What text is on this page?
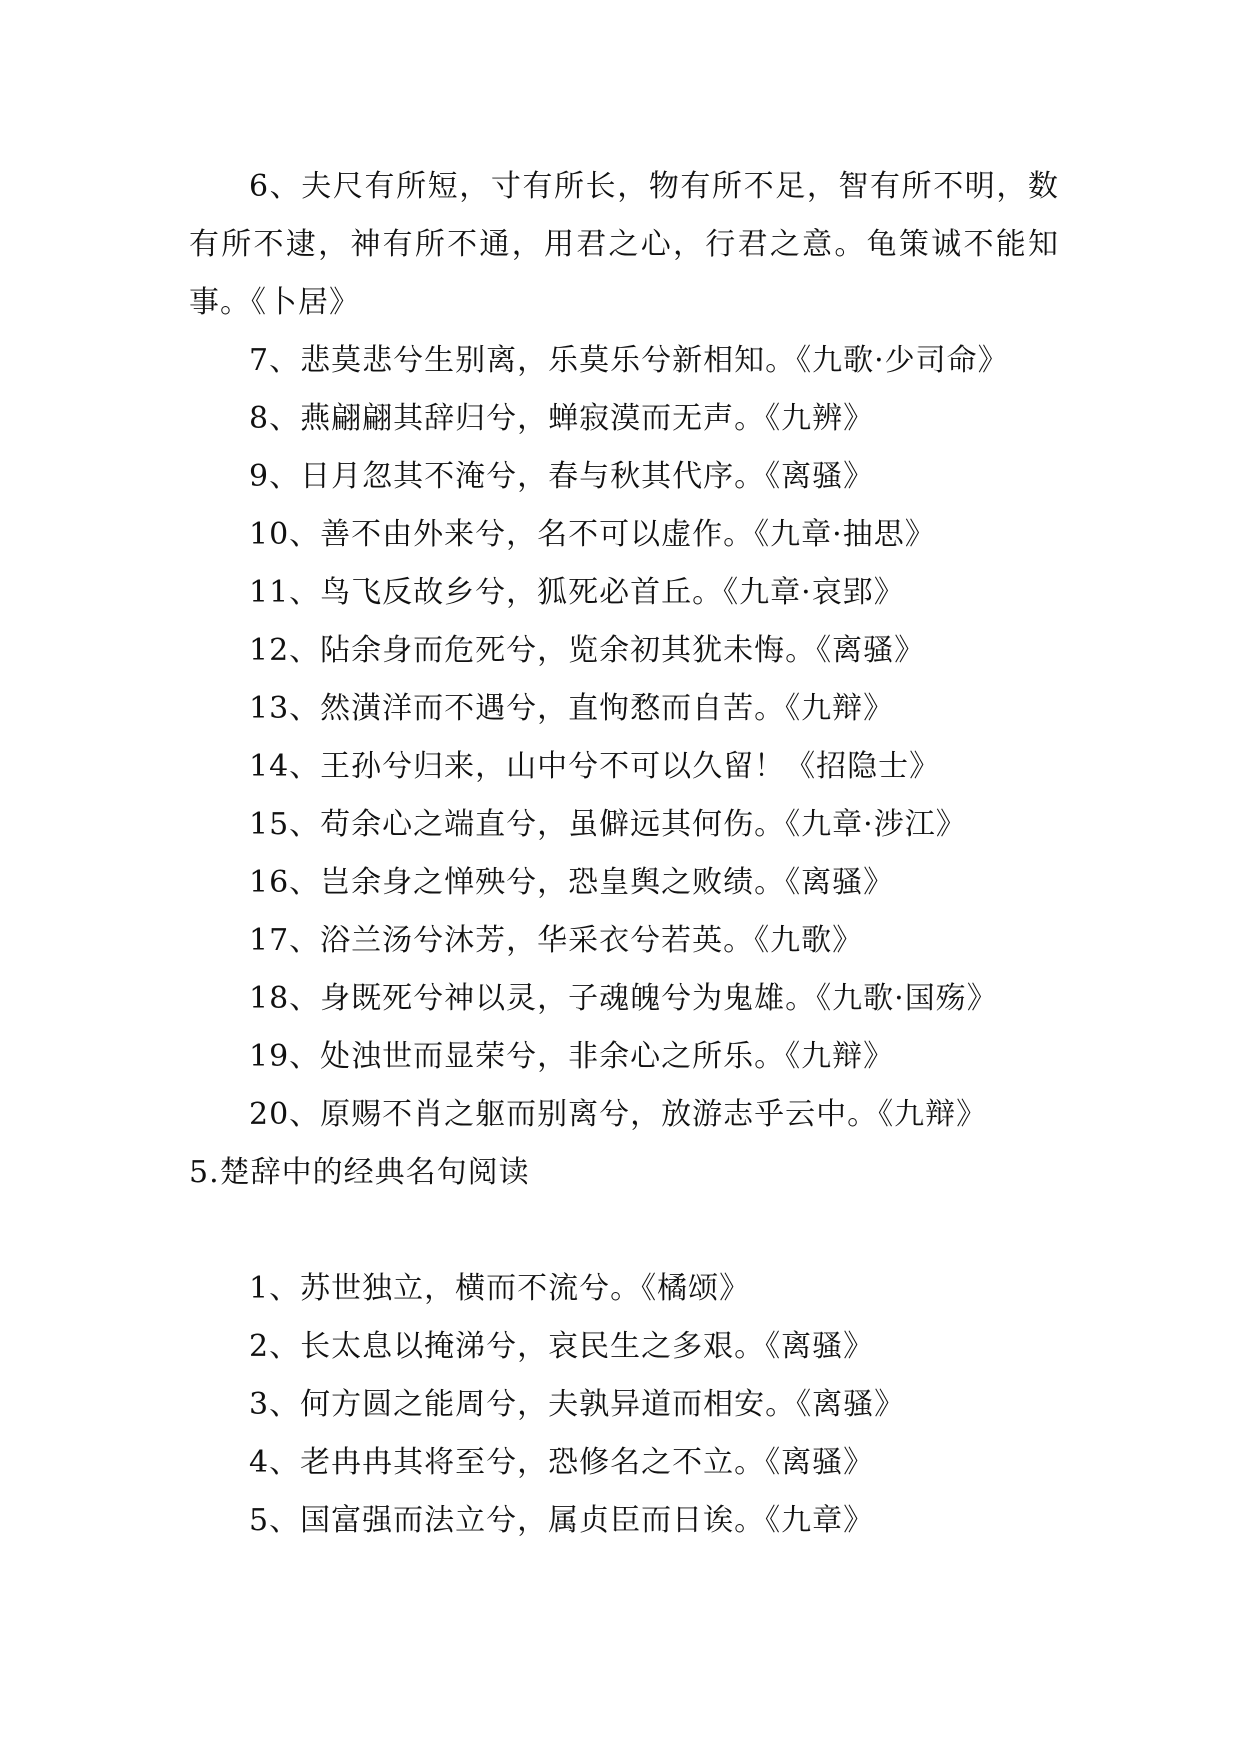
6、夫尺有所短，寸有所长，物有所不足，智有所不明，数有所不逮，神有所不通，用君之心，行君之意。龟策诚不能知事。《卜居》

7、悲莫悲兮生别离，乐莫乐兮新相知。《九歌·少司命》

8、燕翩翩其辞归兮，蝉寂漠而无声。《九辨》

9、日月忽其不淹兮，春与秋其代序。《离骚》

10、善不由外来兮，名不可以虚作。《九章·抽思》

11、鸟飞反故乡兮，狐死必首丘。《九章·哀郢》

12、阽余身而危死兮，览余初其犹未悔。《离骚》

13、然潢洋而不遇兮，直怐愗而自苦。《九辩》

14、王孙兮归来，山中兮不可以久留！《招隐士》

15、苟余心之端直兮，虽僻远其何伤。《九章·涉江》

16、岂余身之惮殃兮，恐皇舆之败绩。《离骚》

17、浴兰汤兮沐芳，华采衣兮若英。《九歌》

18、身既死兮神以灵，子魂魄兮为鬼雄。《九歌·国殇》

19、处浊世而显荣兮，非余心之所乐。《九辩》

20、原赐不肖之躯而别离兮，放游志乎云中。《九辩》

5.楚辞中的经典名句阅读

1、苏世独立，横而不流兮。《橘颂》

2、长太息以掩涕兮，哀民生之多艰。《离骚》

3、何方圆之能周兮，夫孰异道而相安。《离骚》

4、老冉冉其将至兮，恐修名之不立。《离骚》

5、国富强而法立兮，属贞臣而日诶。《九章》
